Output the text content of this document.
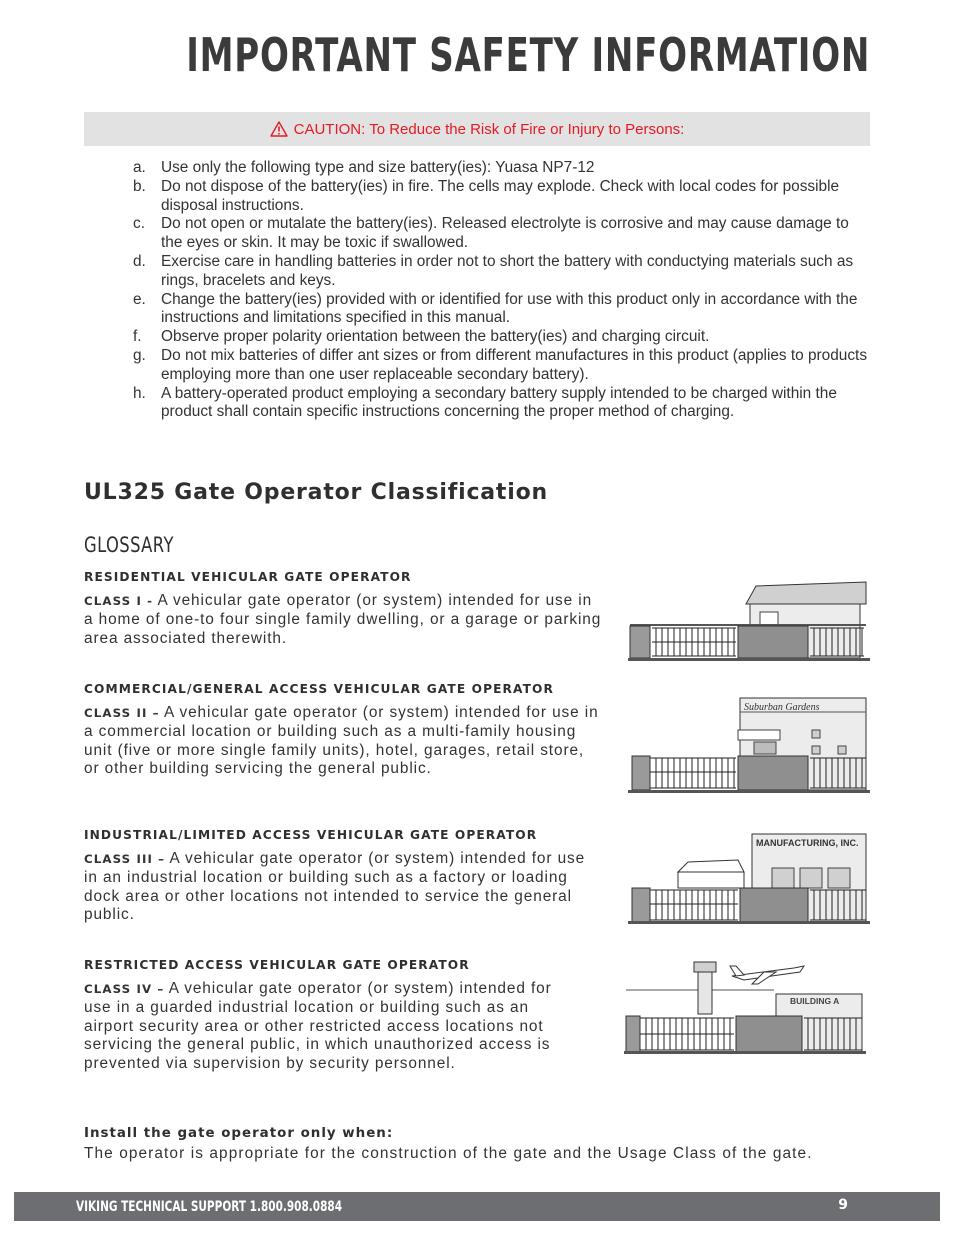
IMPORTANT SAFETY INFORMATION
CAUTION: To Reduce the Risk of Fire or Injury to Persons:
a. Use only the following type and size battery(ies): Yuasa NP7-12
b. Do not dispose of the battery(ies) in fire. The cells may explode. Check with local codes for possible disposal instructions.
c. Do not open or mutalate the battery(ies). Released electrolyte is corrosive and may cause damage to the eyes or skin. It may be toxic if swallowed.
d. Exercise care in handling batteries in order not to short the battery with conductying materials such as rings, bracelets and keys.
e. Change the battery(ies) provided with or identified for use with this product only in accordance with the instructions and limitations specified in this manual.
f. Observe proper polarity orientation between the battery(ies) and charging circuit.
g. Do not mix batteries of differ ant sizes or from different manufactures in this product (applies to products employing more than one user replaceable secondary battery).
h. A battery-operated product employing a secondary battery supply intended to be charged within the product shall contain specific instructions concerning the proper method of charging.
UL325 Gate Operator Classification
GLOSSARY
RESIDENTIAL VEHICULAR GATE OPERATOR

CLASS I - A vehicular gate operator (or system) intended for use in a home of one-to four single family dwelling, or a garage or parking area associated therewith.

COMMERCIAL/GENERAL ACCESS VEHICULAR GATE OPERATOR

CLASS II – A vehicular gate operator (or system) intended for use in a commercial location or building such as a multi-family housing unit (five or more single family units), hotel, garages, retail store, or other building servicing the general public.

INDUSTRIAL/LIMITED ACCESS VEHICULAR GATE OPERATOR

CLASS III – A vehicular gate operator (or system) intended for use in an industrial location or building such as a factory or loading dock area or other locations not intended to service the general public.

RESTRICTED ACCESS VEHICULAR GATE OPERATOR

CLASS IV – A vehicular gate operator (or system) intended for use in a guarded industrial location or building such as an airport security area or other restricted access locations not servicing the general public, in which unauthorized access is prevented via supervision by security personnel.

Suburban Gardens
MANUFACTURING, INC.
BUILDING A
Install the gate operator only when:

The operator is appropriate for the construction of the gate and the Usage Class of the gate.

VIKING TECHNICAL SUPPORT 1.800.908.0884	9
